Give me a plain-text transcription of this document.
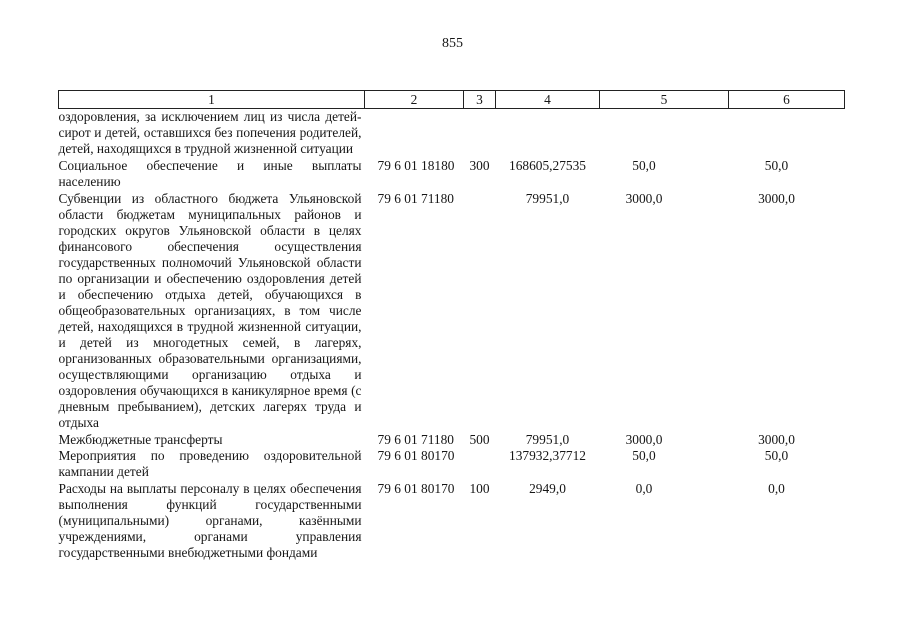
855
1	2	3	4	5	6
оздоровления, за исключением лиц из числа детей-сирот и детей, оставшихся без попечения родителей, детей, находящихся в трудной жизненной ситуации					
Социальное обеспечение и иные выплаты населению	79 6 01 18180	300	168605,27535	50,0	50,0
Субвенции из областного бюджета Ульяновской области бюджетам муниципальных районов и городских округов Ульяновской области в целях финансового обеспечения осуществления государственных полномочий Ульяновской области по организации и обеспечению оздоровления детей и обеспечению отдыха детей, обучающихся в общеобразовательных организациях, в том числе детей, находящихся в трудной жизненной ситуации, и детей из многодетных семей, в лагерях, организованных образовательными организациями, осуществляющими организацию отдыха и оздоровления обучающихся в каникулярное время (с дневным пребыванием), детских лагерях труда и отдыха	79 6 01 71180		79951,0	3000,0	3000,0
Межбюджетные трансферты	79 6 01 71180	500	79951,0	3000,0	3000,0
Мероприятия по проведению оздоровительной кампании детей	79 6 01 80170		137932,37712	50,0	50,0
Расходы на выплаты персоналу в целях обеспечения выполнения функций государственными (муниципальными) органами, казёнными учреждениями, органами управления государственными внебюджетными фондами	79 6 01 80170	100	2949,0	0,0	0,0
